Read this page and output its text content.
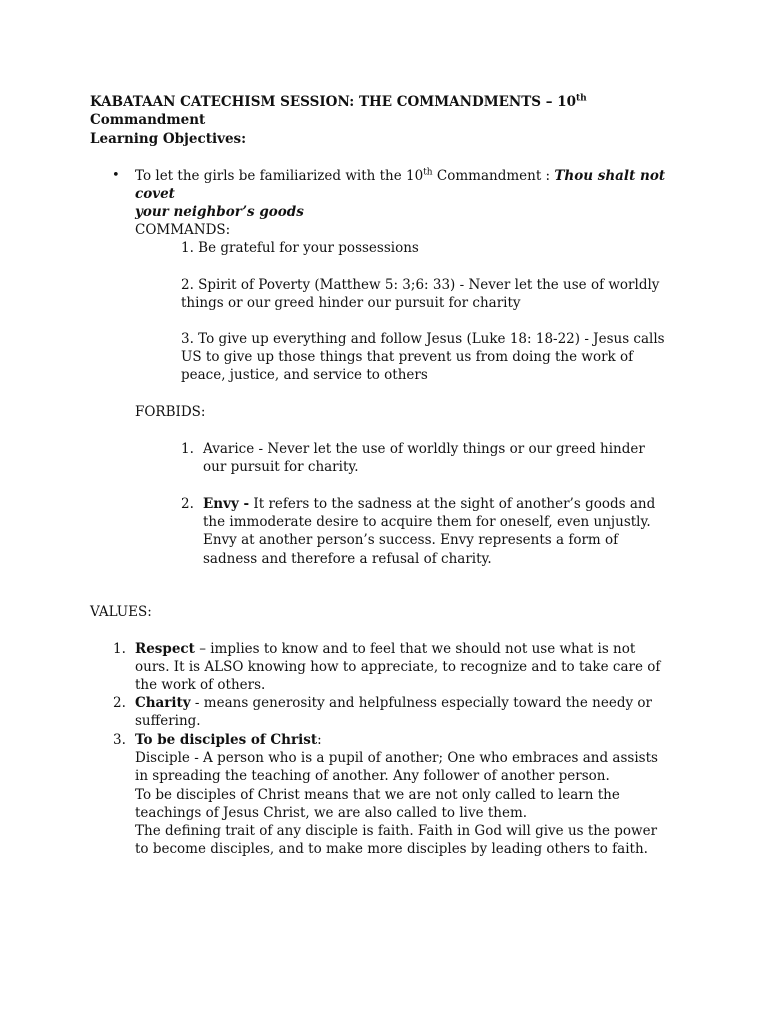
KABATAAN CATECHISM SESSION: THE COMMANDMENTS – 10th Commandment

Learning Objectives:

• To let the girls be familiarized with the 10th Commandment : Thou shalt not covet
your neighbor’s goods

COMMANDS:

1. Be grateful for your possessions

2. Spirit of Poverty (Matthew 5: 3;6: 33) - Never let the use of worldly things or our greed hinder our pursuit for charity

3. To give up everything and follow Jesus (Luke 18: 18-22) - Jesus calls US to give up those things that prevent us from doing the work of peace, justice, and service to others

FORBIDS:

1. Avarice - Never let the use of worldly things or our greed hinder our pursuit for charity.

2. Envy - It refers to the sadness at the sight of another’s goods and the immoderate desire to acquire them for oneself, even unjustly. Envy at another person’s success. Envy represents a form of sadness and therefore a refusal of charity.

VALUES:

1. Respect – implies to know and to feel that we should not use what is not ours. It is ALSO knowing how to appreciate, to recognize and to take care of the work of others.

2. Charity - means generosity and helpfulness especially toward the needy or suffering.

3. To be disciples of Christ:
Disciple - A person who is a pupil of another; One who embraces and assists in spreading the teaching of another. Any follower of another person.
To be disciples of Christ means that we are not only called to learn the teachings of Jesus Christ, we are also called to live them.
The defining trait of any disciple is faith. Faith in God will give us the power to become disciples, and to make more disciples by leading others to faith.
